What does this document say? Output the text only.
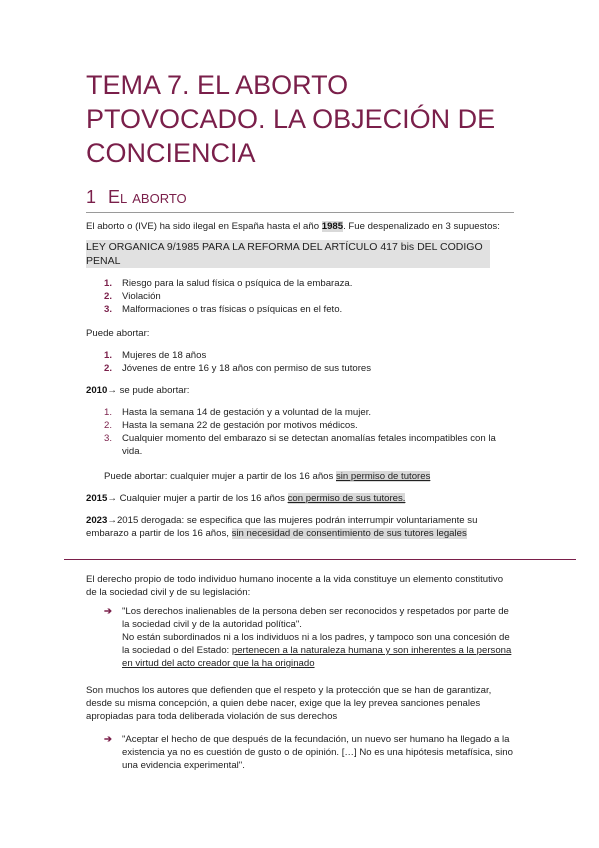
TEMA 7. EL ABORTO
PTOVOCADO. LA OBJECIÓN DE
CONCIENCIA
1 El aborto

El aborto o (IVE) ha sido ilegal en España hasta el año 1985. Fue despenalizado en 3 supuestos:

LEY ORGANICA 9/1985 PARA LA REFORMA DEL ARTÍCULO 417 bis DEL CODIGO PENAL
1. Riesgo para la salud física o psíquica de la embaraza.
2. Violación
3. Malformaciones o tras físicas o psíquicas en el feto.

Puede abortar:

1. Mujeres de 18 años
2. Jóvenes de entre 16 y 18 años con permiso de sus tutores

2010→ se pude abortar:

1. Hasta la semana 14 de gestación y a voluntad de la mujer.
2. Hasta la semana 22 de gestación por motivos médicos.
3. Cualquier momento del embarazo si se detectan anomalías fetales incompatibles con la vida.

Puede abortar: cualquier mujer a partir de los 16 años sin permiso de tutores

2015→ Cualquier mujer a partir de los 16 años con permiso de sus tutores.

2023→2015 derogada: se especifica que las mujeres podrán interrumpir voluntariamente su embarazo a partir de los 16 años, sin necesidad de consentimiento de sus tutores legales

El derecho propio de todo individuo humano inocente a la vida constituye un elemento constitutivo de la sociedad civil y de su legislación:

➔	"Los derechos inalienables de la persona deben ser reconocidos y respetados por parte de la sociedad civil y de la autoridad política".
No están subordinados ni a los individuos ni a los padres, y tampoco son una concesión de la sociedad o del Estado: pertenecen a la naturaleza humana y son inherentes a la persona en virtud del acto creador que la ha originado

Son muchos los autores que defienden que el respeto y la protección que se han de garantizar, desde su misma concepción, a quien debe nacer, exige que la ley prevea sanciones penales apropiadas para toda deliberada violación de sus derechos

➔	"Aceptar el hecho de que después de la fecundación, un nuevo ser humano ha llegado a la existencia ya no es cuestión de gusto o de opinión. […] No es una hipótesis metafísica, sino una evidencia experimental".
